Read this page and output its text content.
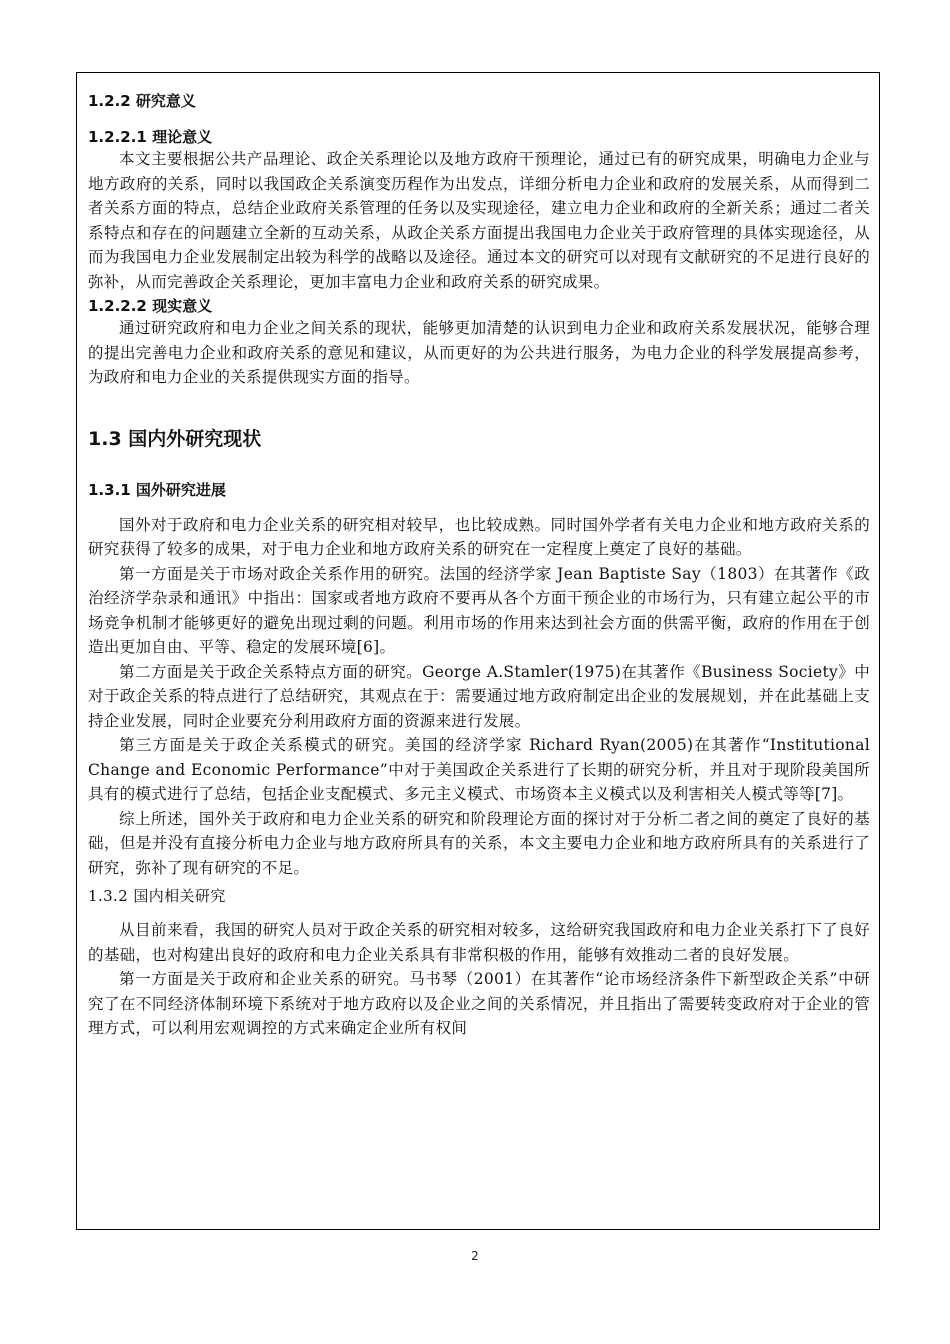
1.2.2 研究意义
1.2.2.1 理论意义

本文主要根据公共产品理论、政企关系理论以及地方政府干预理论，通过已有的研究成果，明确电力企业与地方政府的关系，同时以我国政企关系演变历程作为出发点，详细分析电力企业和政府的发展关系，从而得到二者关系方面的特点，总结企业政府关系管理的任务以及实现途径，建立电力企业和政府的全新关系；通过二者关系特点和存在的问题建立全新的互动关系，从政企关系方面提出我国电力企业关于政府管理的具体实现途径，从而为我国电力企业发展制定出较为科学的战略以及途径。通过本文的研究可以对现有文献研究的不足进行良好的弥补，从而完善政企关系理论，更加丰富电力企业和政府关系的研究成果。

1.2.2.2 现实意义

通过研究政府和电力企业之间关系的现状，能够更加清楚的认识到电力企业和政府关系发展状况，能够合理的提出完善电力企业和政府关系的意见和建议，从而更好的为公共进行服务，为电力企业的科学发展提高参考，为政府和电力企业的关系提供现实方面的指导。

1.3 国内外研究现状
1.3.1 国外研究进展

国外对于政府和电力企业关系的研究相对较早，也比较成熟。同时国外学者有关电力企业和地方政府关系的研究获得了较多的成果，对于电力企业和地方政府关系的研究在一定程度上奠定了良好的基础。

第一方面是关于市场对政企关系作用的研究。法国的经济学家 Jean Baptiste Say（1803）在其著作《政治经济学杂录和通讯》中指出：国家或者地方政府不要再从各个方面干预企业的市场行为，只有建立起公平的市场竞争机制才能够更好的避免出现过剩的问题。利用市场的作用来达到社会方面的供需平衡，政府的作用在于创造出更加自由、平等、稳定的发展环境[6]。

第二方面是关于政企关系特点方面的研究。George A.Stamler(1975)在其著作《Business Society》中对于政企关系的特点进行了总结研究，其观点在于：需要通过地方政府制定出企业的发展规划，并在此基础上支持企业发展，同时企业要充分利用政府方面的资源来进行发展。

第三方面是关于政企关系模式的研究。美国的经济学家 Richard Ryan(2005)在其著作“Institutional Change and Economic Performance”中对于美国政企关系进行了长期的研究分析，并且对于现阶段美国所具有的模式进行了总结，包括企业支配模式、多元主义模式、市场资本主义模式以及利害相关人模式等等[7]。

综上所述，国外关于政府和电力企业关系的研究和阶段理论方面的探讨对于分析二者之间的奠定了良好的基础，但是并没有直接分析电力企业与地方政府所具有的关系，本文主要电力企业和地方政府所具有的关系进行了研究，弥补了现有研究的不足。

1.3.2 国内相关研究

从目前来看，我国的研究人员对于政企关系的研究相对较多，这给研究我国政府和电力企业关系打下了良好的基础，也对构建出良好的政府和电力企业关系具有非常积极的作用，能够有效推动二者的良好发展。

第一方面是关于政府和企业关系的研究。马书琴（2001）在其著作“论市场经济条件下新型政企关系”中研究了在不同经济体制环境下系统对于地方政府以及企业之间的关系情况，并且指出了需要转变政府对于企业的管理方式，可以利用宏观调控的方式来确定企业所有权间

2
